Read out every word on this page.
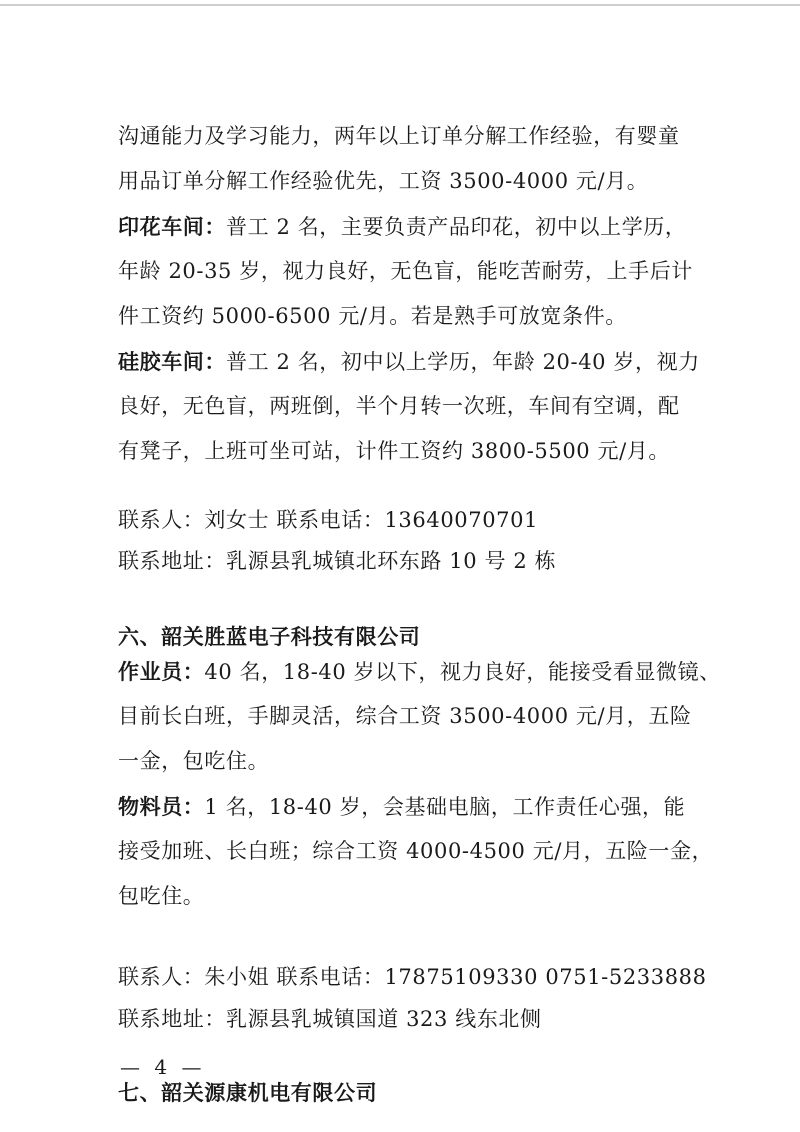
沟通能力及学习能力，两年以上订单分解工作经验，有婴童
用品订单分解工作经验优先，工资 3500-4000 元/月。
印花车间：普工 2 名，主要负责产品印花，初中以上学历，
年龄 20-35 岁，视力良好，无色盲，能吃苦耐劳，上手后计
件工资约 5000-6500 元/月。若是熟手可放宽条件。
硅胶车间：普工 2 名，初中以上学历，年龄 20-40 岁，视力
良好，无色盲，两班倒，半个月转一次班，车间有空调，配
有凳子，上班可坐可站，计件工资约 3800-5500 元/月。
联系人：刘女士 联系电话：13640070701
联系地址：乳源县乳城镇北环东路 10 号 2 栋
六、韶关胜蓝电子科技有限公司
作业员：40 名，18-40 岁以下，视力良好，能接受看显微镜、
目前长白班，手脚灵活，综合工资 3500-4000 元/月，五险
一金，包吃住。
物料员：1 名，18-40 岁，会基础电脑，工作责任心强，能
接受加班、长白班；综合工资 4000-4500 元/月，五险一金，
包吃住。
联系人：朱小姐 联系电话：17875109330 0751-5233888
联系地址：乳源县乳城镇国道 323 线东北侧
七、韶关源康机电有限公司
— 4 —
